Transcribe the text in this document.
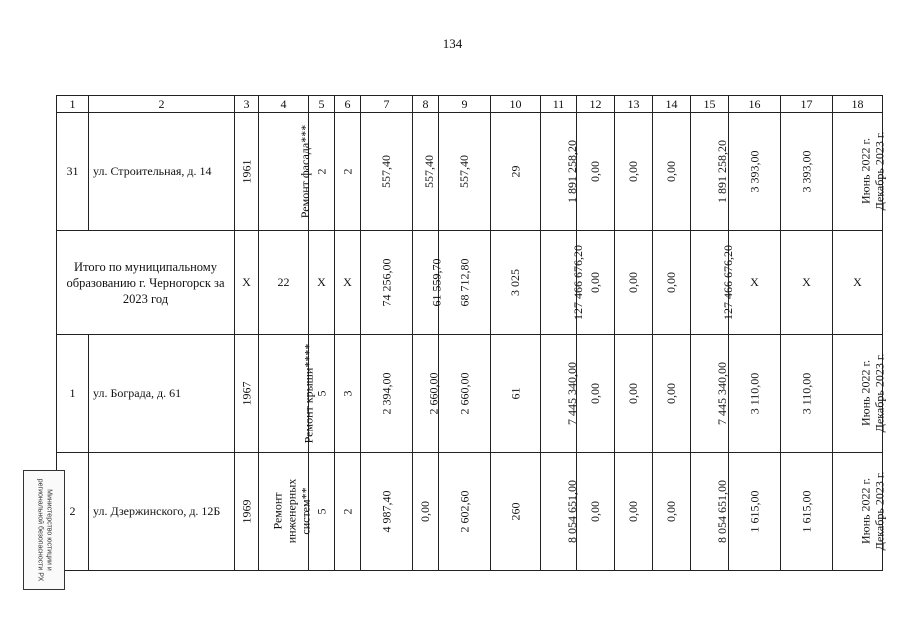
134
1	2	3	4	5	6	7	8	9	10	11	12	13	14	15	16	17	18
31	ул. Строительная, д. 14	1961	Ремонт фасада***	2	2	557,40	557,40	557,40	29	1 891 258,20	0,00	0,00	0,00	1 891 258,20	3 393,00	3 393,00	Июнь 2022 г. Декабрь 2023 г.

Итого по муниципальному образованию г. Черногорск за 2023 год		X	22	X	X	74 256,00	61 559,70	68 712,80	3 025	127 466 676,20	0,00	0,00	0,00	127 466 676,20	X	X	X
1	ул. Бограда, д. 61	1967	Ремонт крыши****	5	3	2 394,00	2 660,00	2 660,00	61	7 445 340,00	0,00	0,00	0,00	7 445 340,00	3 110,00	3 110,00	Июнь 2022 г. Декабрь 2023 г.

2	ул. Дзержинского, д. 12Б	1969	Ремонт инженерных систем**	5	2	4 987,40	0,00	2 602,60	260	8 054 651,00	0,00	0,00	0,00	8 054 651,00	1 615,00	1 615,00	Июнь 2022 г. Декабрь 2023 г.
Министерство юстиции и региональной безопасности РХ
